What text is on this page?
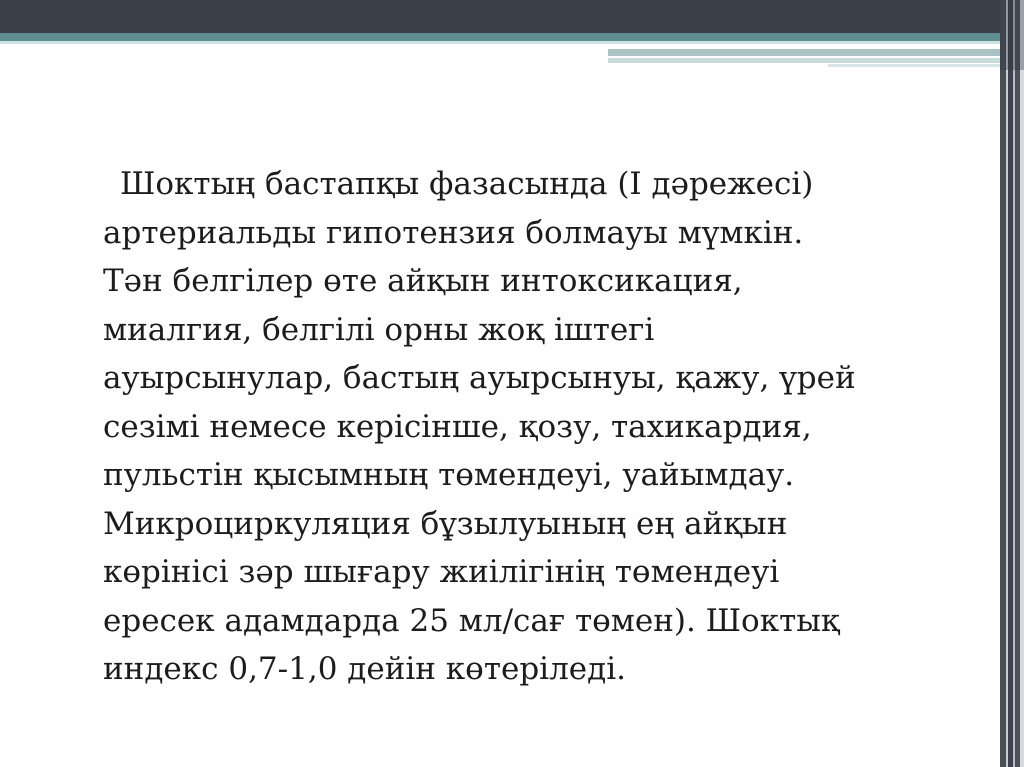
Шоктың бастапқы фазасында (І дәрежесі)
артериальды гипотензия болмауы мүмкін.
Тән белгілер өте айқын интоксикация,
миалгия, белгілі орны жоқ іштегі
ауырсынулар, бастың ауырсынуы, қажу, үрей
сезімі немесе керісінше, қозу, тахикардия,
пульстін қысымның төмендеуі, уайымдау.
Микроциркуляция бұзылуының ең айқын
көрінісі зәр шығару жиілігінің төмендеуі
ересек адамдарда 25 мл/сағ төмен). Шоктық
индекс 0,7-1,0 дейін көтеріледі.
